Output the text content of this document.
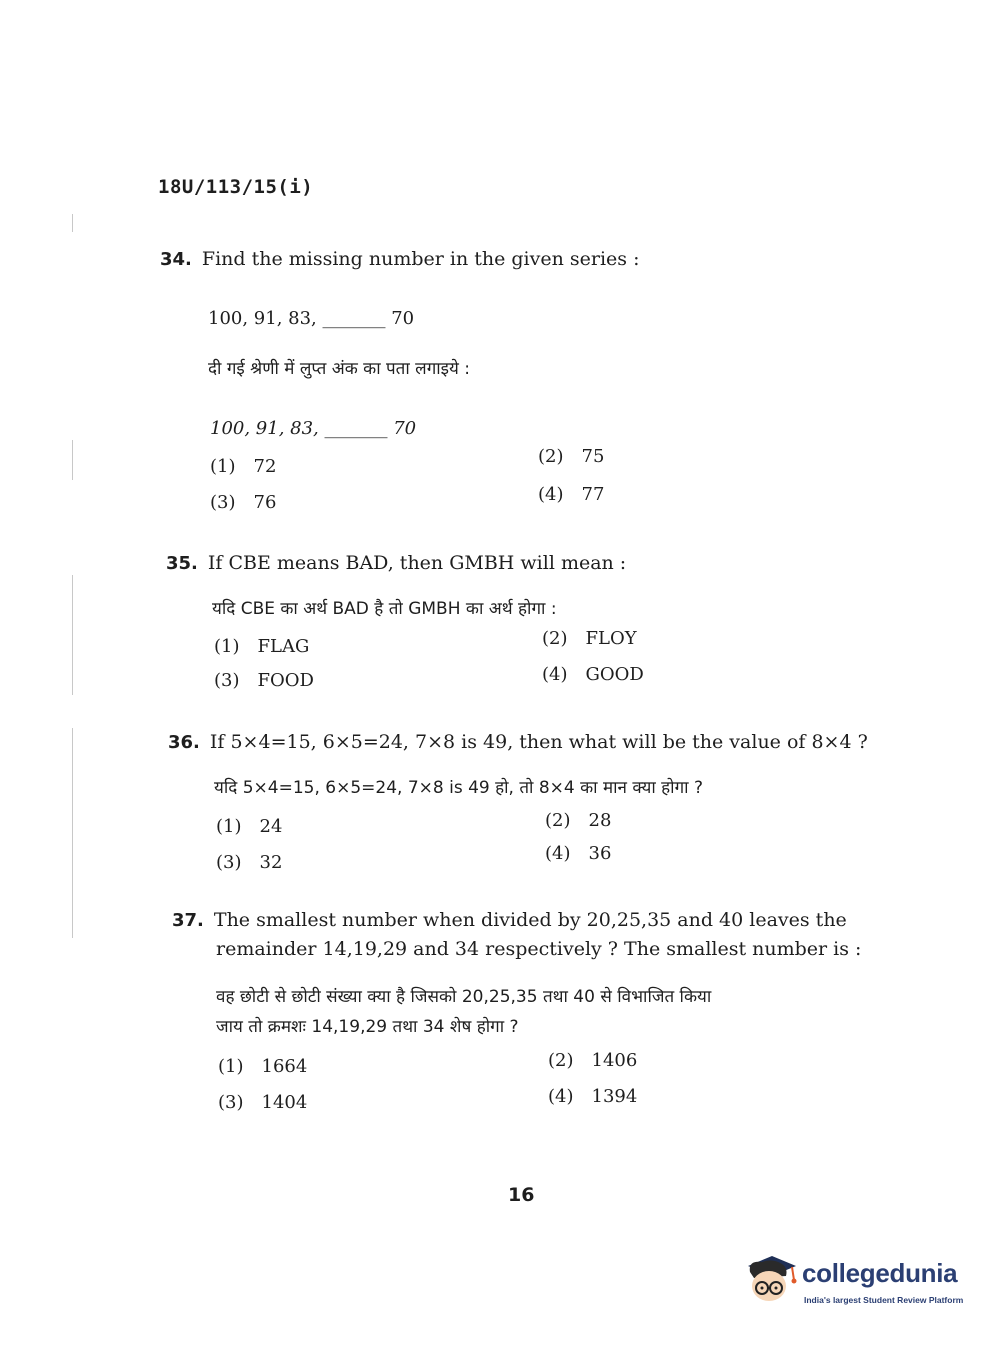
18U/113/15(i)
34. Find the missing number in the given series :
100, 91, 83, _______ 70
दी गई श्रेणी में लुप्त अंक का पता लगाइये :
100, 91, 83, _______ 70
(1) 72	(2) 75
(3) 76	(4) 77
35. If CBE means BAD, then GMBH will mean :
यदि CBE का अर्थ BAD है तो GMBH का अर्थ होगा :
(1) FLAG	(2) FLOY
(3) FOOD	(4) GOOD
36. If 5×4=15, 6×5=24, 7×8 is 49, then what will be the value of 8×4 ?
यदि 5×4=15, 6×5=24, 7×8 is 49 हो, तो 8×4 का मान क्या होगा ?
(1) 24	(2) 28
(3) 32	(4) 36
37. The smallest number when divided by 20,25,35 and 40 leaves the
remainder 14,19,29 and 34 respectively ? The smallest number is :
वह छोटी से छोटी संख्या क्या है जिसको 20,25,35 तथा 40 से विभाजित किया
जाय तो क्रमशः 14,19,29 तथा 34 शेष होगा ?
(1) 1664	(2) 1406
(3) 1404	(4) 1394
16
collegedunia
India's largest Student Review Platform
